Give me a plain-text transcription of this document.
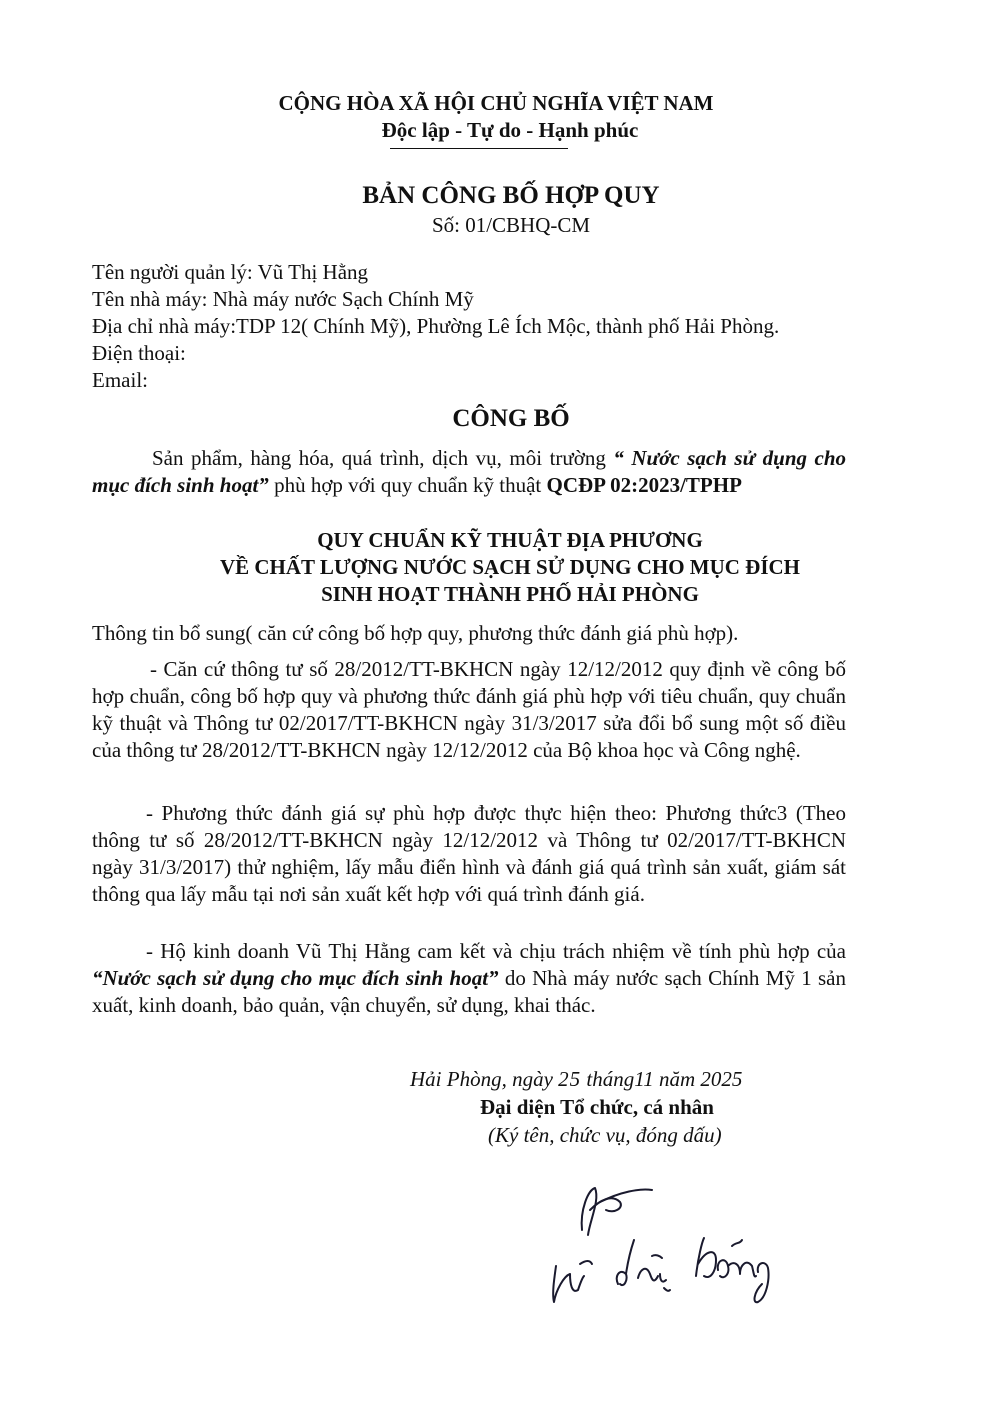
CỘNG HÒA XÃ HỘI CHỦ NGHĨA VIỆT NAM
Độc lập - Tự do - Hạnh phúc
BẢN CÔNG BỐ HỢP QUY
Số: 01/CBHQ-CM
Tên người quản lý: Vũ Thị Hằng
Tên nhà máy: Nhà máy nước Sạch Chính Mỹ
Địa chỉ nhà máy:TDP 12( Chính Mỹ), Phường Lê Ích Mộc, thành phố Hải Phòng.
Điện thoại:
Email:
CÔNG BỐ
Sản phẩm, hàng hóa, quá trình, dịch vụ, môi trường “ Nước sạch sử dụng cho mục đích sinh hoạt” phù hợp với quy chuẩn kỹ thuật QCĐP 02:2023/TPHP
QUY CHUẨN KỸ THUẬT ĐỊA PHƯƠNG
VỀ CHẤT LƯỢNG NƯỚC SẠCH SỬ DỤNG CHO MỤC ĐÍCH
SINH HOẠT THÀNH PHỐ HẢI PHÒNG
Thông tin bổ sung( căn cứ công bố hợp quy, phương thức đánh giá phù hợp).
- Căn cứ thông tư số 28/2012/TT-BKHCN ngày 12/12/2012 quy định về công bố hợp chuẩn, công bố hợp quy và phương thức đánh giá phù hợp với tiêu chuẩn, quy chuẩn kỹ thuật và Thông tư 02/2017/TT-BKHCN ngày 31/3/2017 sửa đổi bổ sung một số điều của thông tư 28/2012/TT-BKHCN ngày 12/12/2012 của Bộ khoa học và Công nghệ.
- Phương thức đánh giá sự phù hợp được thực hiện theo: Phương thức3 (Theo thông tư số 28/2012/TT-BKHCN ngày 12/12/2012 và Thông tư 02/2017/TT-BKHCN ngày 31/3/2017) thử nghiệm, lấy mẫu điển hình và đánh giá quá trình sản xuất, giám sát thông qua lấy mẫu tại nơi sản xuất kết hợp với quá trình đánh giá.
- Hộ kinh doanh Vũ Thị Hằng cam kết và chịu trách nhiệm về tính phù hợp của “Nước sạch sử dụng cho mục đích sinh hoạt” do Nhà máy nước sạch Chính Mỹ 1 sản xuất, kinh doanh, bảo quản, vận chuyển, sử dụng, khai thác.
Hải Phòng, ngày 25 tháng11 năm 2025
Đại diện Tổ chức, cá nhân
(Ký tên, chức vụ, đóng dấu)
